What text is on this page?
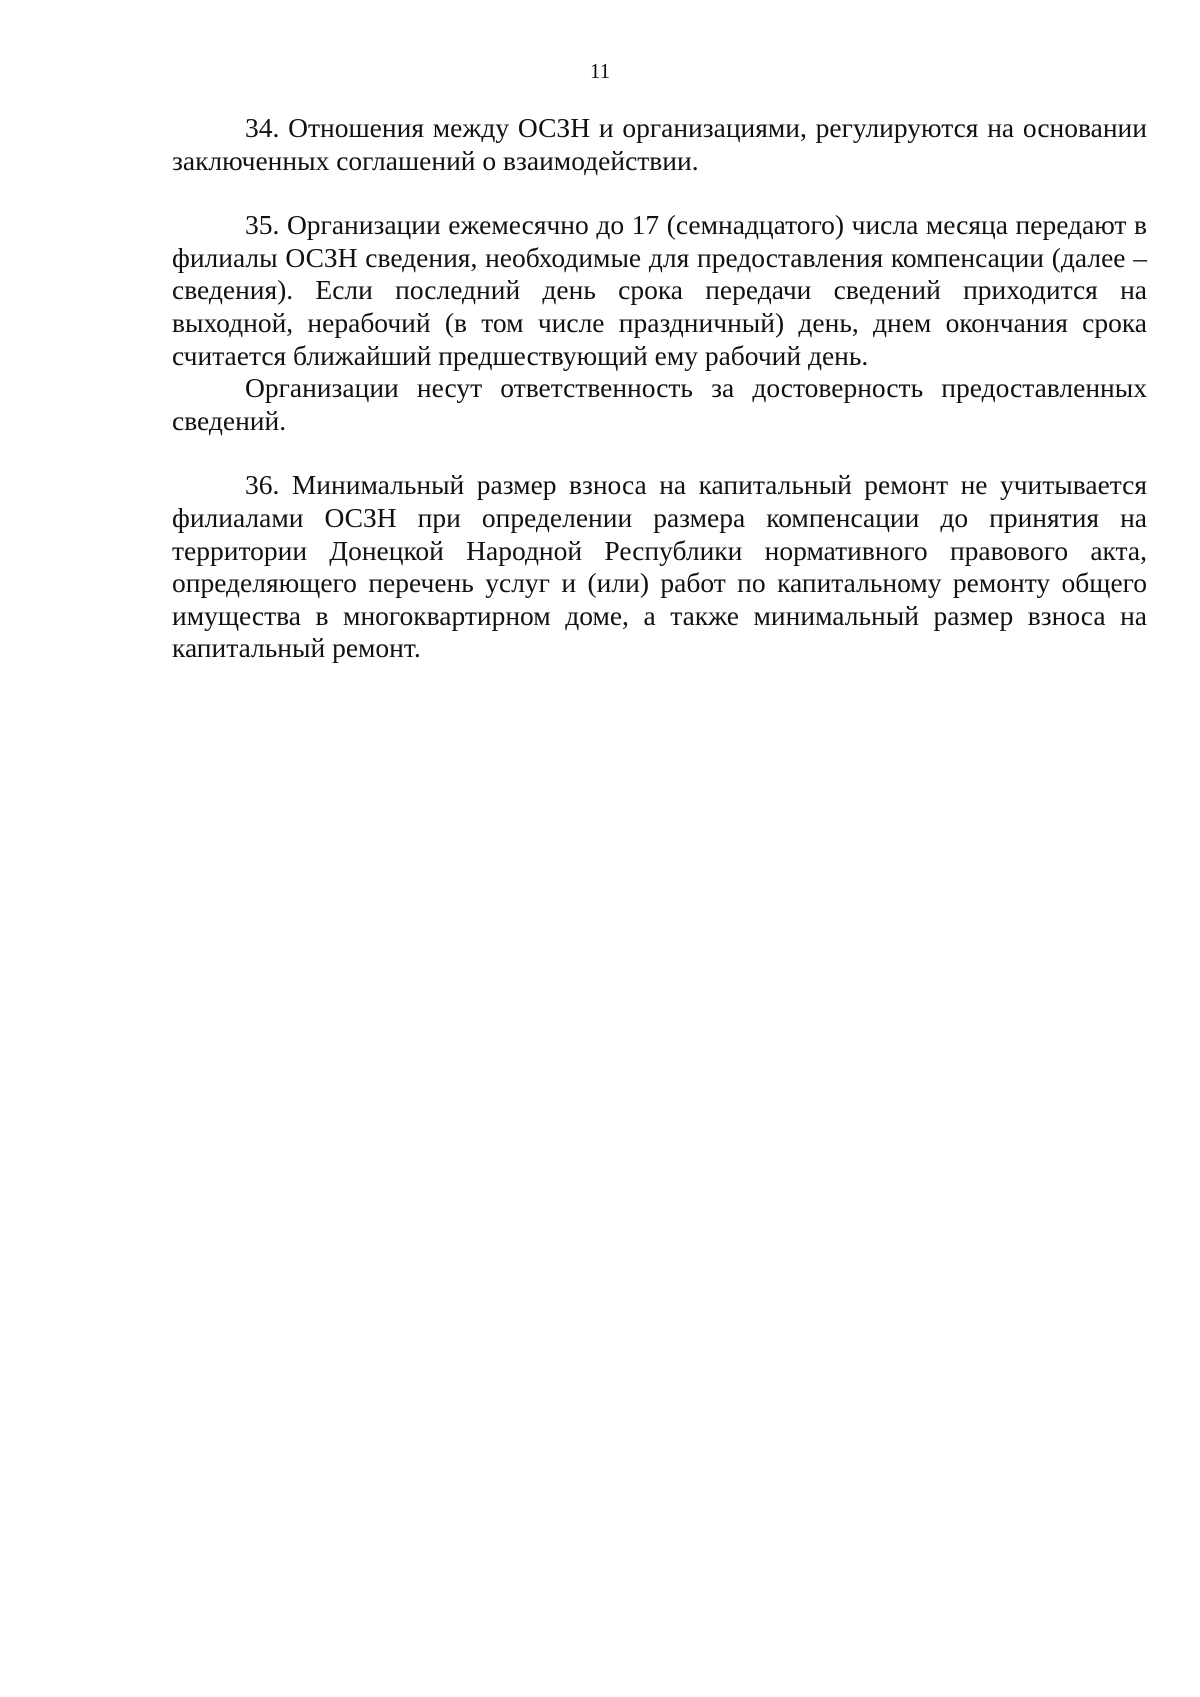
11

34. Отношения между ОСЗН и организациями, регулируются на основании заключенных соглашений о взаимодействии.

35. Организации ежемесячно до 17 (семнадцатого) числа месяца передают в филиалы ОСЗН сведения, необходимые для предоставления компенсации (далее – сведения). Если последний день срока передачи сведений приходится на выходной, нерабочий (в том числе праздничный) день, днем окончания срока считается ближайший предшествующий ему рабочий день.

Организации несут ответственность за достоверность предоставленных сведений.

36. Минимальный размер взноса на капитальный ремонт не учитывается филиалами ОСЗН при определении размера компенсации до принятия на территории Донецкой Народной Республики нормативного правового акта, определяющего перечень услуг и (или) работ по капитальному ремонту общего имущества в многоквартирном доме, а также минимальный размер взноса на капитальный ремонт.
